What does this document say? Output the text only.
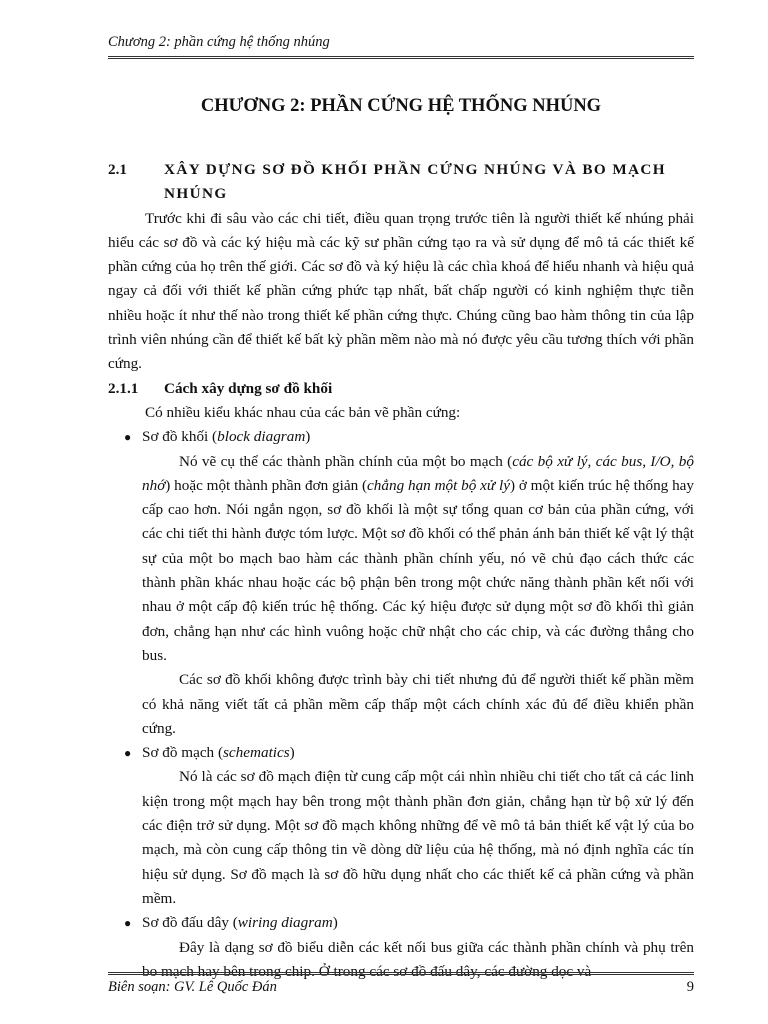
Chương 2: phần cứng hệ thống nhúng
CHƯƠNG 2: PHẦN CỨNG HỆ THỐNG NHÚNG
2.1	XÂY DỰNG SƠ ĐỒ KHỐI PHẦN CỨNG NHÚNG VÀ BO MẠCH NHÚNG

Trước khi đi sâu vào các chi tiết, điều quan trọng trước tiên là người thiết kế nhúng phải hiểu các sơ đồ và các ký hiệu mà các kỹ sư phần cứng tạo ra và sử dụng để mô tả các thiết kế phần cứng của họ trên thế giới. Các sơ đồ và ký hiệu là các chìa khoá để hiểu nhanh và hiệu quả ngay cả đối với thiết kế phần cứng phức tạp nhất, bất chấp người có kinh nghiệm thực tiễn nhiều hoặc ít như thế nào trong thiết kế phần cứng thực. Chúng cũng bao hàm thông tin của lập trình viên nhúng cần để thiết kế bất kỳ phần mềm nào mà nó được yêu cầu tương thích với phần cứng.

2.1.1	Cách xây dựng sơ đồ khối

Có nhiều kiểu khác nhau của các bản vẽ phần cứng:

● Sơ đồ khối (block diagram)

Nó vẽ cụ thể các thành phần chính của một bo mạch (các bộ xử lý, các bus, I/O, bộ nhớ) hoặc một thành phần đơn giản (chẳng hạn một bộ xử lý) ở một kiến trúc hệ thống hay cấp cao hơn. Nói ngắn ngọn, sơ đồ khối là một sự tổng quan cơ bản của phần cứng, với các chi tiết thi hành được tóm lược. Một sơ đồ khối có thể phản ánh bản thiết kế vật lý thật sự của một bo mạch bao hàm các thành phần chính yếu, nó vẽ chủ đạo cách thức các thành phần khác nhau hoặc các bộ phận bên trong một chức năng thành phần kết nối với nhau ở một cấp độ kiến trúc hệ thống. Các ký hiệu được sử dụng một sơ đồ khối thì giản đơn, chẳng hạn như các hình vuông hoặc chữ nhật cho các chip, và các đường thẳng cho bus.

Các sơ đồ khối không được trình bày chi tiết nhưng đủ để người thiết kế phần mềm có khả năng viết tất cả phần mềm cấp thấp một cách chính xác đủ để điều khiển phần cứng.

● Sơ đồ mạch (schematics)

Nó là các sơ đồ mạch điện từ cung cấp một cái nhìn nhiều chi tiết cho tất cả các linh kiện trong một mạch hay bên trong một thành phần đơn giản, chẳng hạn từ bộ xử lý đến các điện trở sử dụng. Một sơ đồ mạch không những để vẽ mô tả bản thiết kế vật lý của bo mạch, mà còn cung cấp thông tin về dòng dữ liệu của hệ thống, mà nó định nghĩa các tín hiệu sử dụng. Sơ đồ mạch là sơ đồ hữu dụng nhất cho các thiết kế cả phần cứng và phần mềm.

● Sơ đồ đấu dây (wiring diagram)

Đây là dạng sơ đồ biểu diễn các kết nối bus giữa các thành phần chính và phụ trên bo mạch hay bên trong chip. Ở trong các sơ đồ đấu dây, các đường dọc và

Biên soạn: GV. Lê Quốc Đán	9
